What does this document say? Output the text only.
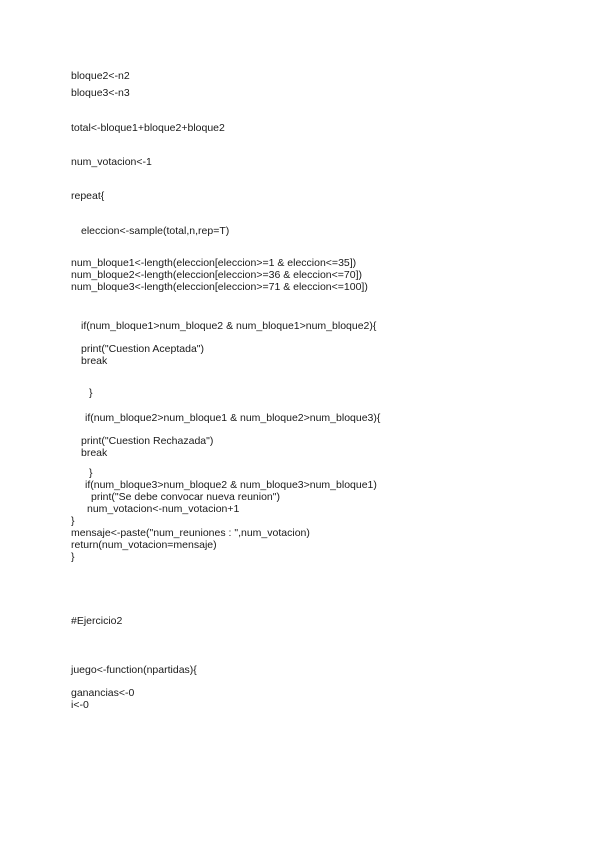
bloque2<-n2
bloque3<-n3
total<-bloque1+bloque2+bloque2
num_votacion<-1
repeat{
eleccion<-sample(total,n,rep=T)
num_bloque1<-length(eleccion[eleccion>=1 & eleccion<=35])
num_bloque2<-length(eleccion[eleccion>=36 & eleccion<=70])
num_bloque3<-length(eleccion[eleccion>=71 & eleccion<=100])
if(num_bloque1>num_bloque2 & num_bloque1>num_bloque2){
print("Cuestion Aceptada")
break
}
if(num_bloque2>num_bloque1 & num_bloque2>num_bloque3){
print("Cuestion Rechazada")
break
}
if(num_bloque3>num_bloque2 & num_bloque3>num_bloque1)
print("Se debe convocar nueva reunion")
num_votacion<-num_votacion+1
}
mensaje<-paste("num_reuniones : ",num_votacion)
return(num_votacion=mensaje)
}
#Ejercicio2
juego<-function(npartidas){
ganancias<-0
i<-0
